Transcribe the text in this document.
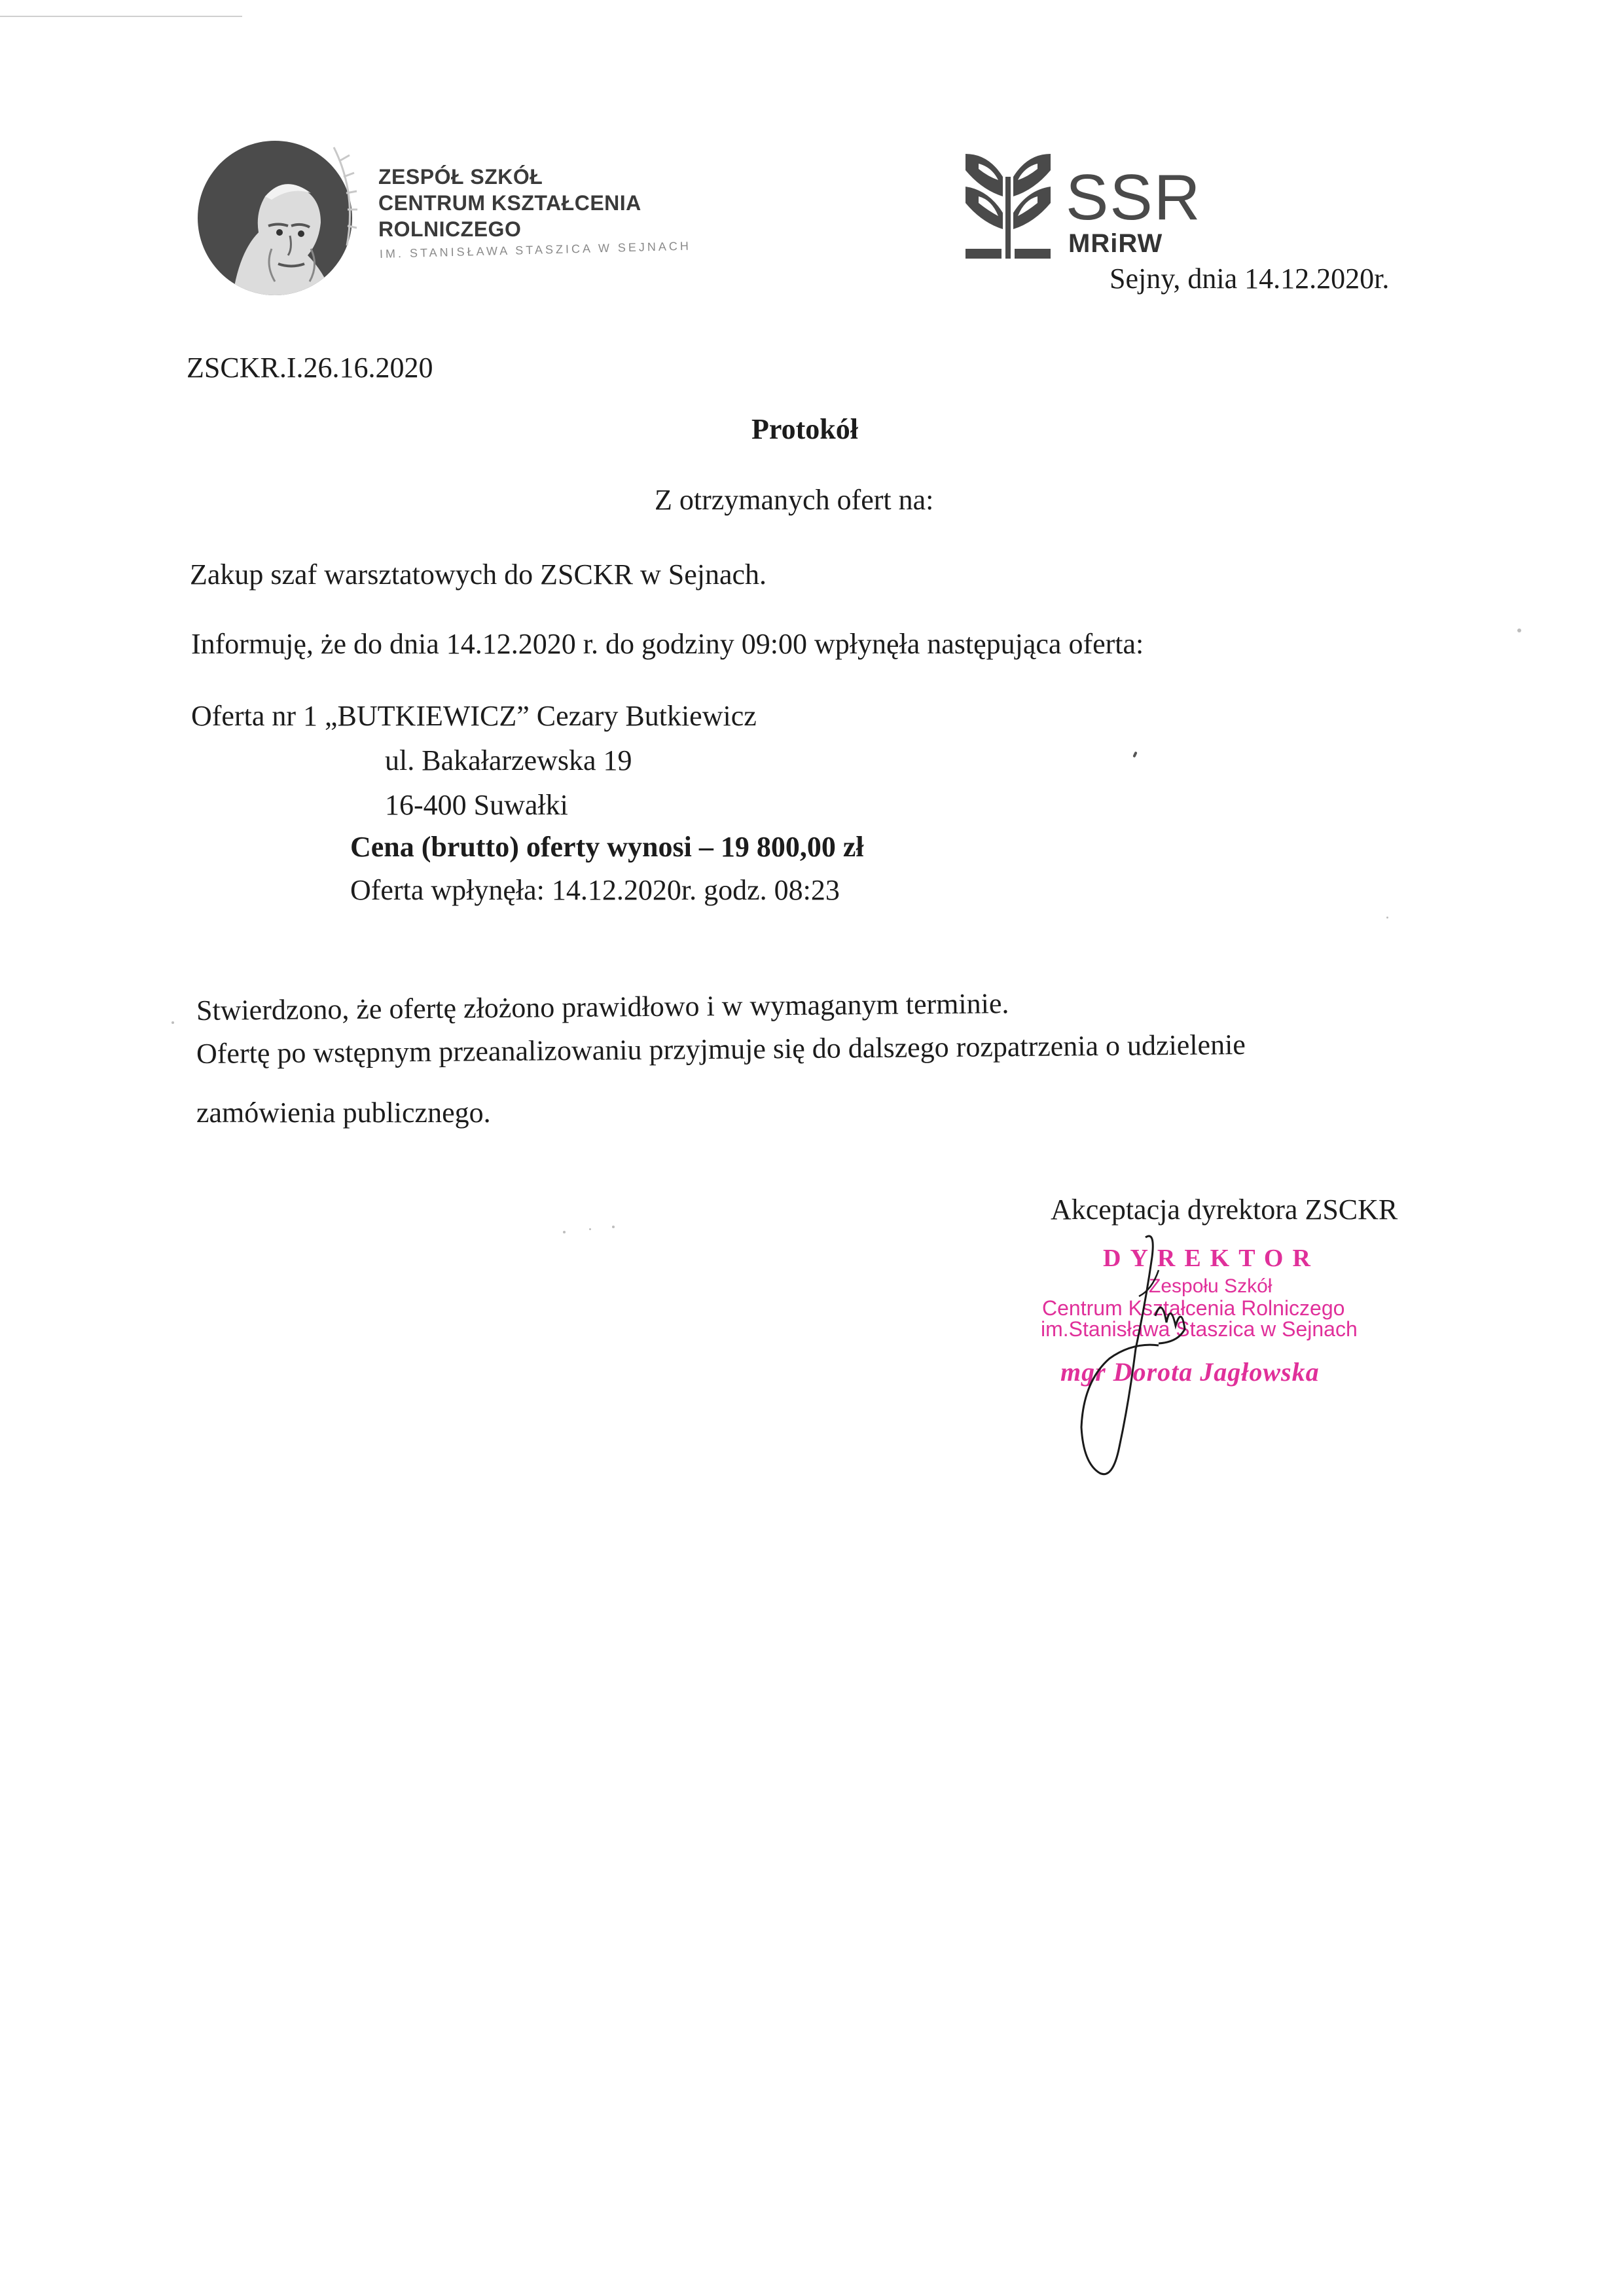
ZESPÓŁ SZKÓŁ
CENTRUM KSZTAŁCENIA
ROLNICZEGO
IM. STANISŁAWA STASZICA W SEJNACH
SSR
MRiRW
Sejny, dnia 14.12.2020r.
ZSCKR.I.26.16.2020
Protokół
Z otrzymanych ofert na:
Zakup szaf warsztatowych do ZSCKR w Sejnach.
Informuję, że do dnia 14.12.2020 r. do godziny 09:00 wpłynęła następująca oferta:
Oferta nr 1 „BUTKIEWICZ” Cezary Butkiewicz
ul. Bakałarzewska 19
16-400 Suwałki
Cena (brutto) oferty wynosi – 19 800,00 zł
Oferta wpłynęła: 14.12.2020r. godz. 08:23
Stwierdzono, że ofertę złożono prawidłowo i w wymaganym terminie.
Ofertę po wstępnym przeanalizowaniu przyjmuje się do dalszego rozpatrzenia o udzielenie
zamówienia publicznego.
Akceptacja dyrektora ZSCKR
DYREKTOR
Zespołu Szkół
Centrum Kształcenia Rolniczego
im.Stanisława Staszica w Sejnach
mgr Dorota Jagłowska
